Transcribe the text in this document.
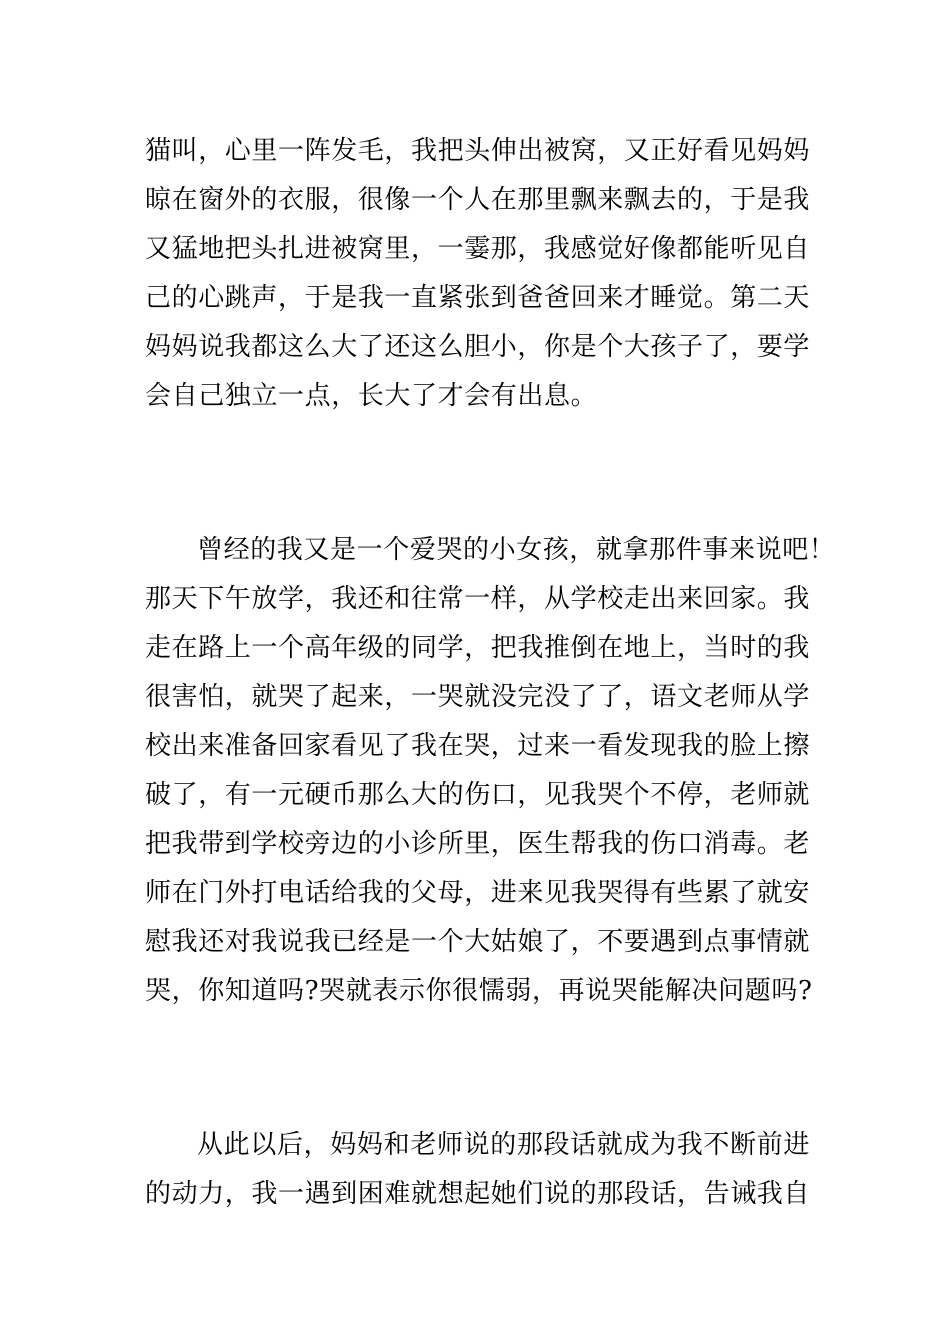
猫叫，心里一阵发毛，我把头伸出被窝，又正好看见妈妈
晾在窗外的衣服，很像一个人在那里飘来飘去的，于是我
又猛地把头扎进被窝里，一霎那，我感觉好像都能听见自
己的心跳声，于是我一直紧张到爸爸回来才睡觉。第二天
妈妈说我都这么大了还这么胆小，你是个大孩子了，要学
会自己独立一点，长大了才会有出息。
曾经的我又是一个爱哭的小女孩，就拿那件事来说吧！
那天下午放学，我还和往常一样，从学校走出来回家。我
走在路上一个高年级的同学，把我推倒在地上，当时的我
很害怕，就哭了起来，一哭就没完没了了，语文老师从学
校出来准备回家看见了我在哭，过来一看发现我的脸上擦
破了，有一元硬币那么大的伤口，见我哭个不停，老师就
把我带到学校旁边的小诊所里，医生帮我的伤口消毒。老
师在门外打电话给我的父母，进来见我哭得有些累了就安
慰我还对我说我已经是一个大姑娘了，不要遇到点事情就
哭，你知道吗?哭就表示你很懦弱，再说哭能解决问题吗?
从此以后，妈妈和老师说的那段话就成为我不断前进
的动力，我一遇到困难就想起她们说的那段话，告诫我自
